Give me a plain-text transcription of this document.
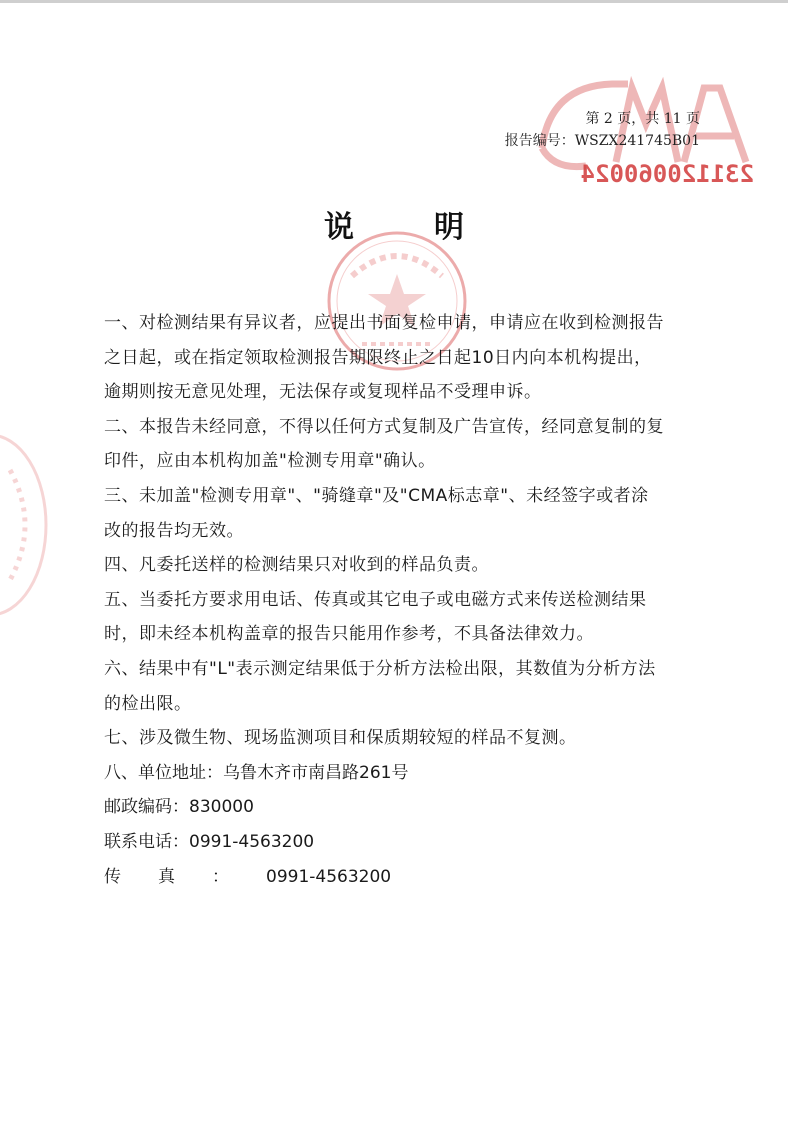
231120060024
第 2 页，共 11 页
报告编号：WSZX241745B01
说明

一、对检测结果有异议者，应提出书面复检申请，申请应在收到检测报告之日起，或在指定领取检测报告期限终止之日起10日内向本机构提出，逾期则按无意见处理，无法保存或复现样品不受理申诉。

二、本报告未经同意，不得以任何方式复制及广告宣传，经同意复制的复印件，应由本机构加盖"检测专用章"确认。

三、未加盖"检测专用章"、"骑缝章"及"CMA标志章"、未经签字或者涂改的报告均无效。

四、凡委托送样的检测结果只对收到的样品负责。

五、当委托方要求用电话、传真或其它电子或电磁方式来传送检测结果时，即未经本机构盖章的报告只能用作参考，不具备法律效力。

六、结果中有"L"表示测定结果低于分析方法检出限，其数值为分析方法的检出限。

七、涉及微生物、现场监测项目和保质期较短的样品不复测。

八、单位地址：乌鲁木齐市南昌路261号
邮政编码：830000
联系电话：0991-4563200
传真：0991-4563200
